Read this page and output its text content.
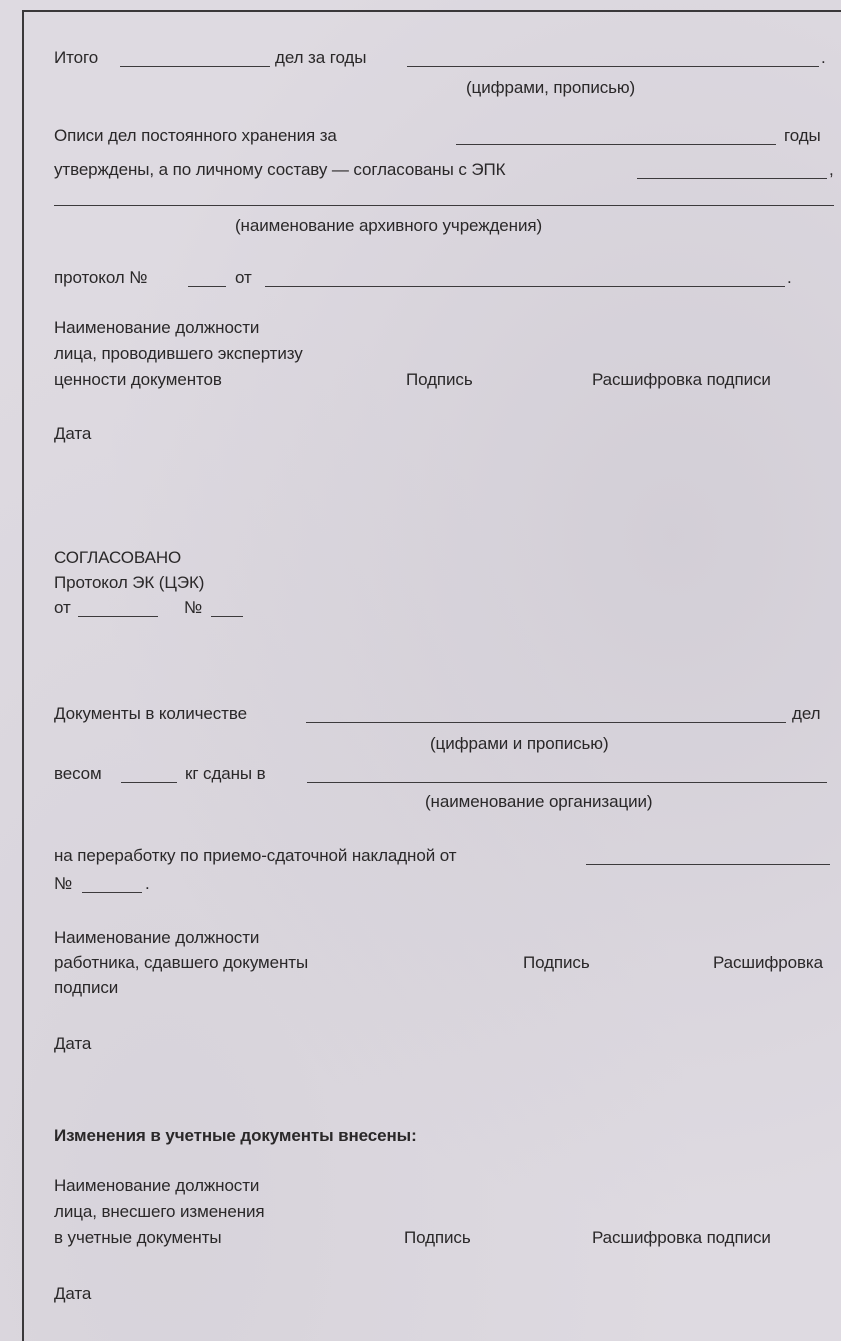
Итого	дел за годы	.
(цифрами, прописью)
Описи дел постоянного хранения за	годы
утверждены, а по личному составу — согласованы с ЭПК	,
(наименование архивного учреждения)
протокол №	от	.
Наименование должности
лица, проводившего экспертизу
ценности документов	Подпись	Расшифровка подписи
Дата
СОГЛАСОВАНО
Протокол ЭК (ЦЭК)
от	№
Документы в количестве	дел
(цифрами и прописью)
весом	кг сданы в
(наименование организации)
на переработку по приемо-сдаточной накладной от
№	.
Наименование должности
работника, сдавшего документы	Подпись	Расшифровка
подписи
Дата
Изменения в учетные документы внесены:
Наименование должности
лица, внесшего изменения
в учетные документы	Подпись	Расшифровка подписи
Дата
